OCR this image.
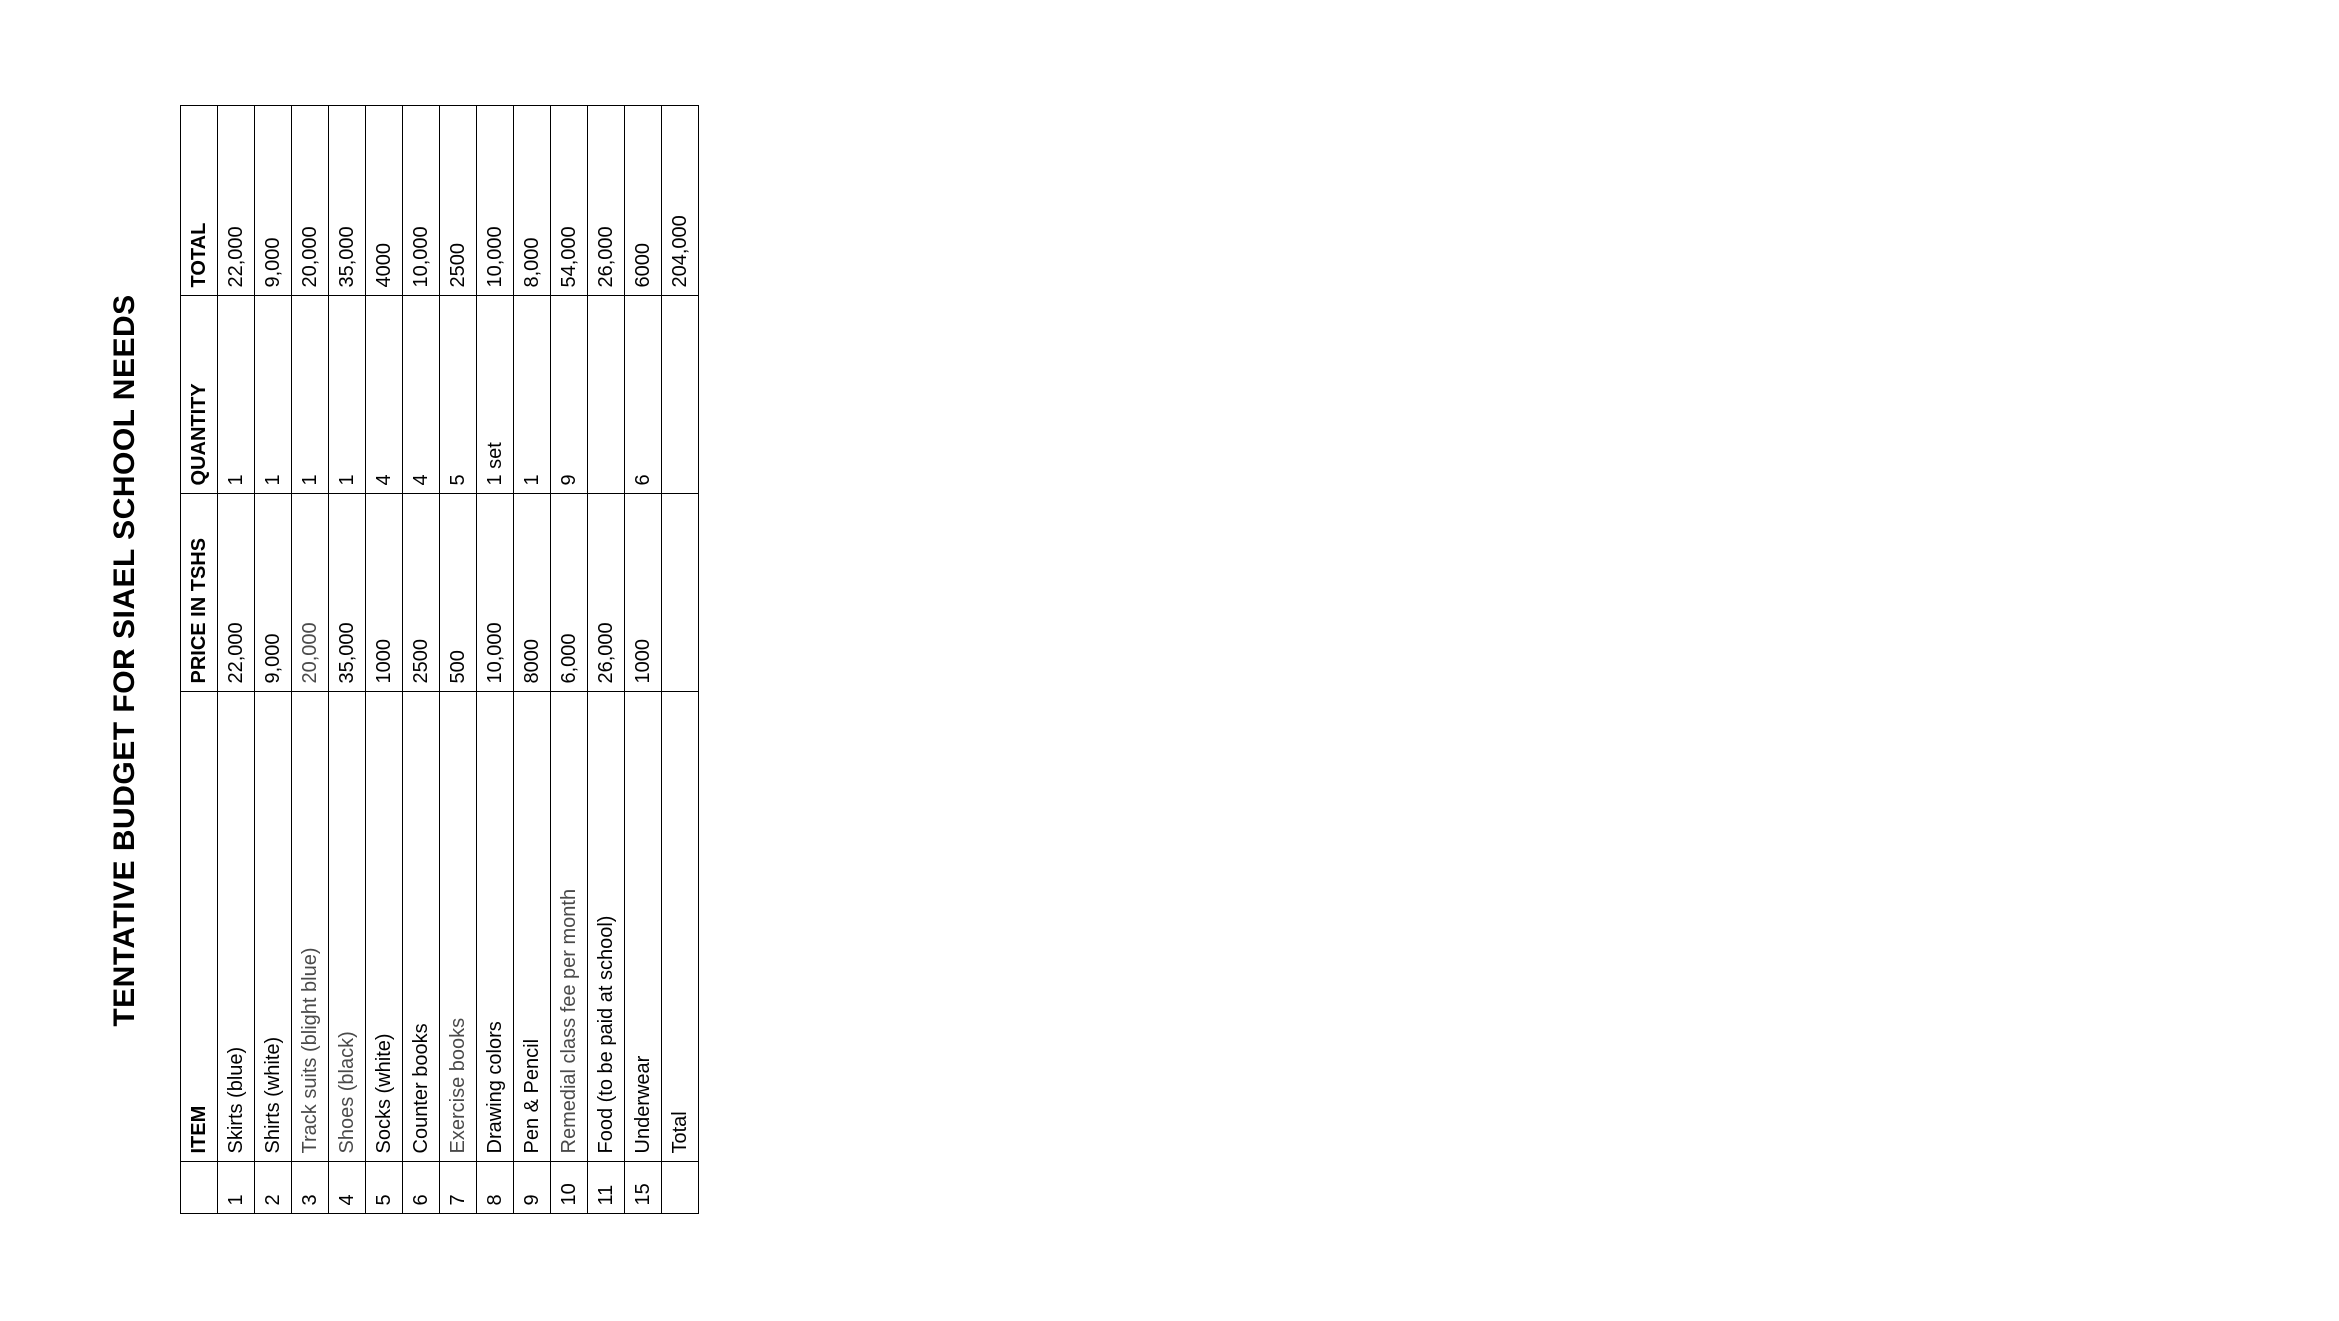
TENTATIVE BUDGET FOR SIAEL SCHOOL NEEDS
	ITEM	PRICE IN TSHS	QUANTITY	TOTAL
1	Skirts (blue)	22,000	1	22,000
2	Shirts (white)	9,000	1	9,000
3	Track suits (blight blue)	20,000	1	20,000
4	Shoes (black)	35,000	1	35,000
5	Socks (white)	1000	4	4000
6	Counter books	2500	4	10,000
7	Exercise books	500	5	2500
8	Drawing colors	10,000	1 set	10,000
9	Pen & Pencil	8000	1	8,000
10	Remedial class fee per month	6,000	9	54,000
11	Food (to be paid at school)	26,000		26,000
15	Underwear	1000	6	6000
	Total			204,000
